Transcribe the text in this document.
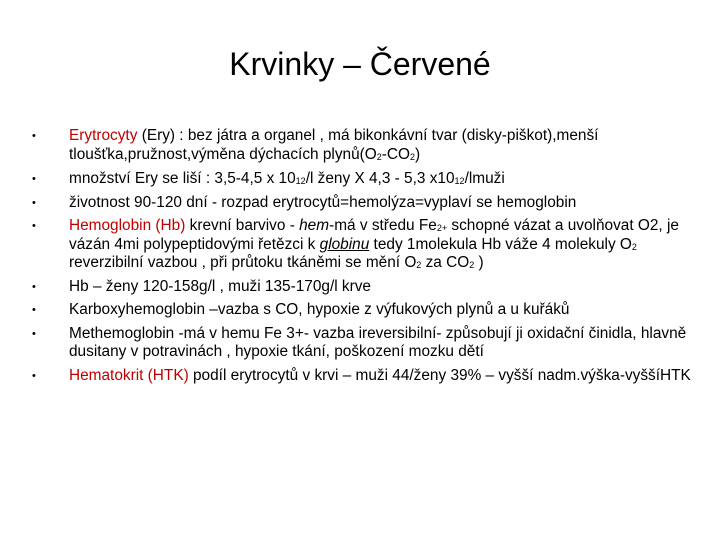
Krvinky – Červené
• Erytrocyty (Ery) : bez játra a organel , má bikonkávní tvar (disky-piškot),menší tloušťka,pružnost,výměna dýchacích $plynů(O_2-CO_2)$
• množství Ery se liší : 3,5-4,5 x $10_{12}/l$ ženy X 4,3 - 5,3 $x10_{12}$/lmuži
• životnost 90-120 dní - rozpad erytrocytů=hemolýza=vyplaví se hemoglobin
• Hemoglobin (Hb) krevní barvivo - hem-má v středu $Fe_{2+}$ schopné vázat a uvolňovat O2, je vázán 4mi polypeptidovými řetězci k globinu tedy 1molekula Hb váže 4 molekuly $O_2$ reverzibilní vazbou , při průtoku tkáněmi se mění $O_2$ za $CO_2$ )
• Hb – ženy 120-158g/l , muži 135-170g/l krve
• Karboxyhemoglobin –vazba s CO, hypoxie z výfukových plynů a u kuřáků
• Methemoglobin -má v hemu Fe 3+- vazba ireversibilní- způsobují ji oxidační činidla, hlavně dusitany v potravinách , hypoxie tkání, poškození mozku dětí
• Hematokrit (HTK) podíl erytrocytů v krvi – muži 44/ženy 39% – vyšší nadm.výška-vyššíHTK
